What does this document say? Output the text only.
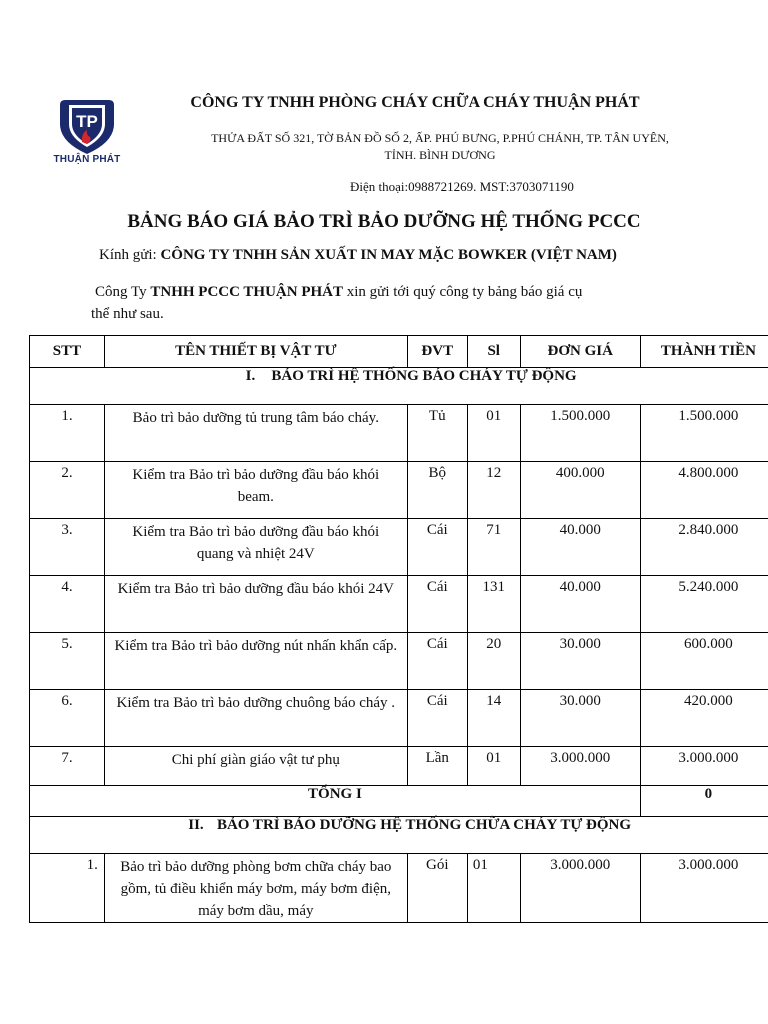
TP
THUẬN PHÁT
CÔNG TY TNHH PHÒNG CHÁY CHỮA CHÁY THUẬN PHÁT
THỬA ĐẤT SỐ 321, TỜ BẢN ĐỒ SỐ 2, ẤP. PHÚ BƯNG, P.PHÚ CHÁNH, TP. TÂN UYÊN,
TỈNH. BÌNH DƯƠNG
Điện thoại:0988721269. MST:3703071190
BẢNG BÁO GIÁ BẢO TRÌ BẢO DƯỠNG HỆ THỐNG PCCC
Kính gửi: CÔNG TY TNHH SẢN XUẤT IN MAY MẶC BOWKER (VIỆT NAM)
Công Ty TNHH PCCC THUẬN PHÁT xin gửi tới quý công ty bảng báo giá cụ
thể như sau.
STT	TÊN THIẾT BỊ VẬT TƯ	ĐVT	Sl	ĐƠN GIÁ	THÀNH TIỀN
I. BẢO TRÌ HỆ THỐNG BÁO CHÁY TỰ ĐỘNG					
1.	Bảo trì bảo dưỡng tủ trung tâm báo cháy.	Tủ	01	1.500.000	1.500.000
2.	Kiểm tra Bảo trì bảo dưỡng đầu báo khói beam.	Bộ	12	400.000	4.800.000
3.	Kiểm tra Bảo trì bảo dưỡng đầu báo khói quang và nhiệt 24V	Cái	71	40.000	2.840.000
4.	Kiểm tra Bảo trì bảo dưỡng đầu báo khói 24V	Cái	131	40.000	5.240.000
5.	Kiểm tra Bảo trì bảo dưỡng nút nhấn khẩn cấp.	Cái	20	30.000	600.000
6.	Kiểm tra Bảo trì bảo dưỡng chuông báo cháy .	Cái	14	30.000	420.000
7.	Chi phí giàn giáo vật tư phụ	Lần	01	3.000.000	3.000.000
TỔNG I					0
II. BẢO TRÌ BẢO DƯỠNG HỆ THỐNG CHỮA CHÁY TỰ ĐỘNG					
1.	Bảo trì bảo dưỡng phòng bơm chữa cháy bao gồm, tủ điều khiển máy bơm, máy bơm điện, máy bơm dầu, máy	Gói	01	3.000.000	3.000.000
